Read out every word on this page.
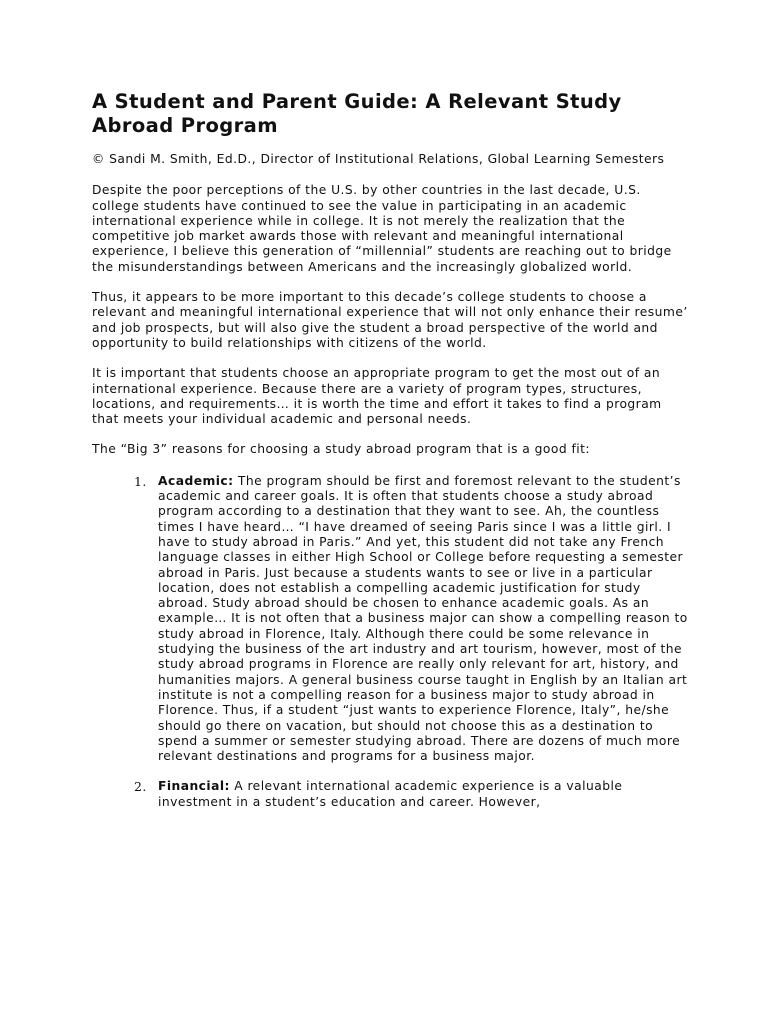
A Student and Parent Guide: A Relevant Study Abroad Program

© Sandi M. Smith, Ed.D., Director of Institutional Relations, Global Learning Semesters

Despite the poor perceptions of the U.S. by other countries in the last decade, U.S. college students have continued to see the value in participating in an academic international experience while in college. It is not merely the realization that the competitive job market awards those with relevant and meaningful international experience, I believe this generation of “millennial” students are reaching out to bridge the misunderstandings between Americans and the increasingly globalized world.

Thus, it appears to be more important to this decade’s college students to choose a relevant and meaningful international experience that will not only enhance their resume’ and job prospects, but will also give the student a broad perspective of the world and opportunity to build relationships with citizens of the world.

It is important that students choose an appropriate program to get the most out of an international experience. Because there are a variety of program types, structures, locations, and requirements… it is worth the time and effort it takes to find a program that meets your individual academic and personal needs.

The “Big 3” reasons for choosing a study abroad program that is a good fit:

1. Academic: The program should be first and foremost relevant to the student’s academic and career goals. It is often that students choose a study abroad program according to a destination that they want to see. Ah, the countless times I have heard… “I have dreamed of seeing Paris since I was a little girl. I have to study abroad in Paris.” And yet, this student did not take any French language classes in either High School or College before requesting a semester abroad in Paris. Just because a students wants to see or live in a particular location, does not establish a compelling academic justification for study abroad. Study abroad should be chosen to enhance academic goals. As an example… It is not often that a business major can show a compelling reason to study abroad in Florence, Italy. Although there could be some relevance in studying the business of the art industry and art tourism, however, most of the study abroad programs in Florence are really only relevant for art, history, and humanities majors. A general business course taught in English by an Italian art institute is not a compelling reason for a business major to study abroad in Florence. Thus, if a student “just wants to experience Florence, Italy”, he/she should go there on vacation, but should not choose this as a destination to spend a summer or semester studying abroad. There are dozens of much more relevant destinations and programs for a business major.
2. Financial: A relevant international academic experience is a valuable investment in a student’s education and career. However,
